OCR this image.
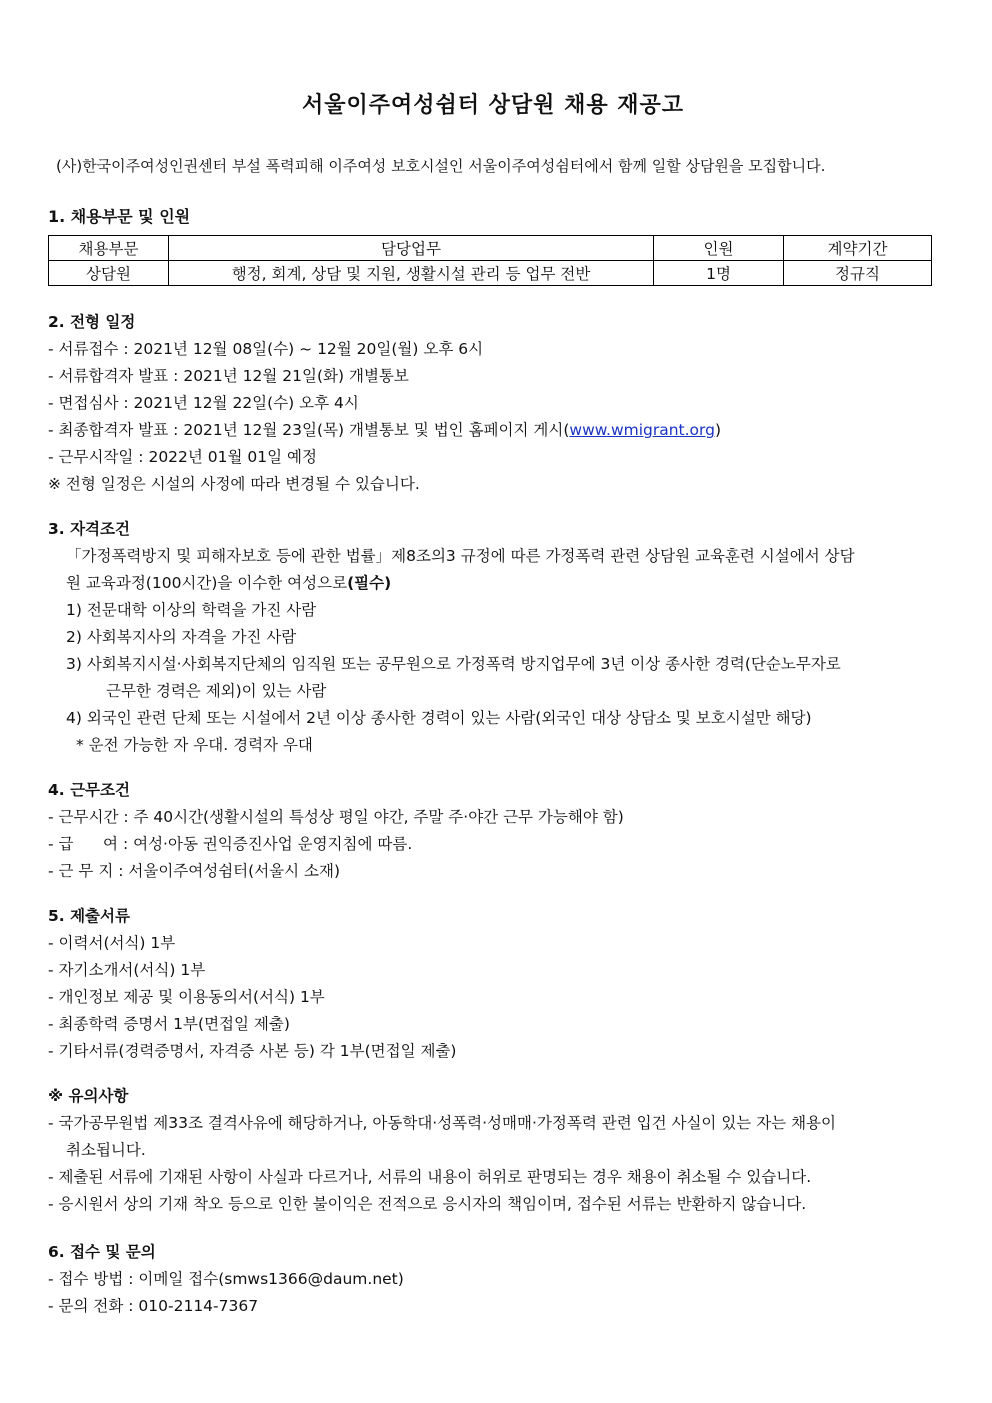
서울이주여성쉼터 상담원 채용 재공고
(사)한국이주여성인권센터 부설 폭력피해 이주여성 보호시설인 서울이주여성쉼터에서 함께 일할 상담원을 모집합니다.
1. 채용부문 및 인원
채용부문	담당업무	인원	계약기간
상담원	행정, 회계, 상담 및 지원, 생활시설 관리 등 업무 전반	1명	정규직
2. 전형 일정
- 서류접수 : 2021년 12월 08일(수) ~ 12월 20일(월) 오후 6시
- 서류합격자 발표 : 2021년 12월 21일(화) 개별통보
- 면접심사 : 2021년 12월 22일(수) 오후 4시
- 최종합격자 발표 : 2021년 12월 23일(목) 개별통보 및 법인 홈페이지 게시(www.wmigrant.org)
- 근무시작일 : 2022년 01월 01일 예정
※ 전형 일정은 시설의 사정에 따라 변경될 수 있습니다.
3. 자격조건
「가정폭력방지 및 피해자보호 등에 관한 법률」제8조의3 규정에 따른 가정폭력 관련 상담원 교육훈련 시설에서 상담
원 교육과정(100시간)을 이수한 여성으로(필수)
1) 전문대학 이상의 학력을 가진 사람
2) 사회복지사의 자격을 가진 사람
3) 사회복지시설·사회복지단체의 임직원 또는 공무원으로 가정폭력 방지업무에 3년 이상 종사한 경력(단순노무자로
근무한 경력은 제외)이 있는 사람
4) 외국인 관련 단체 또는 시설에서 2년 이상 종사한 경력이 있는 사람(외국인 대상 상담소 및 보호시설만 해당)
* 운전 가능한 자 우대. 경력자 우대
4. 근무조건
- 근무시간 : 주 40시간(생활시설의 특성상 평일 야간, 주말 주·야간 근무 가능해야 함)
- 급      여 : 여성·아동 권익증진사업 운영지침에 따름.
- 근 무 지 : 서울이주여성쉼터(서울시 소재)
5. 제출서류
- 이력서(서식) 1부
- 자기소개서(서식) 1부
- 개인정보 제공 및 이용동의서(서식) 1부
- 최종학력 증명서 1부(면접일 제출)
- 기타서류(경력증명서, 자격증 사본 등) 각 1부(면접일 제출)
※ 유의사항
- 국가공무원법 제33조 결격사유에 해당하거나, 아동학대·성폭력·성매매·가정폭력 관련 입건 사실이 있는 자는 채용이
취소됩니다.
- 제출된 서류에 기재된 사항이 사실과 다르거나, 서류의 내용이 허위로 판명되는 경우 채용이 취소될 수 있습니다.
- 응시원서 상의 기재 착오 등으로 인한 불이익은 전적으로 응시자의 책임이며, 접수된 서류는 반환하지 않습니다.
6. 접수 및 문의
- 접수 방법 : 이메일 접수(smws1366@daum.net)
- 문의 전화 : 010-2114-7367
